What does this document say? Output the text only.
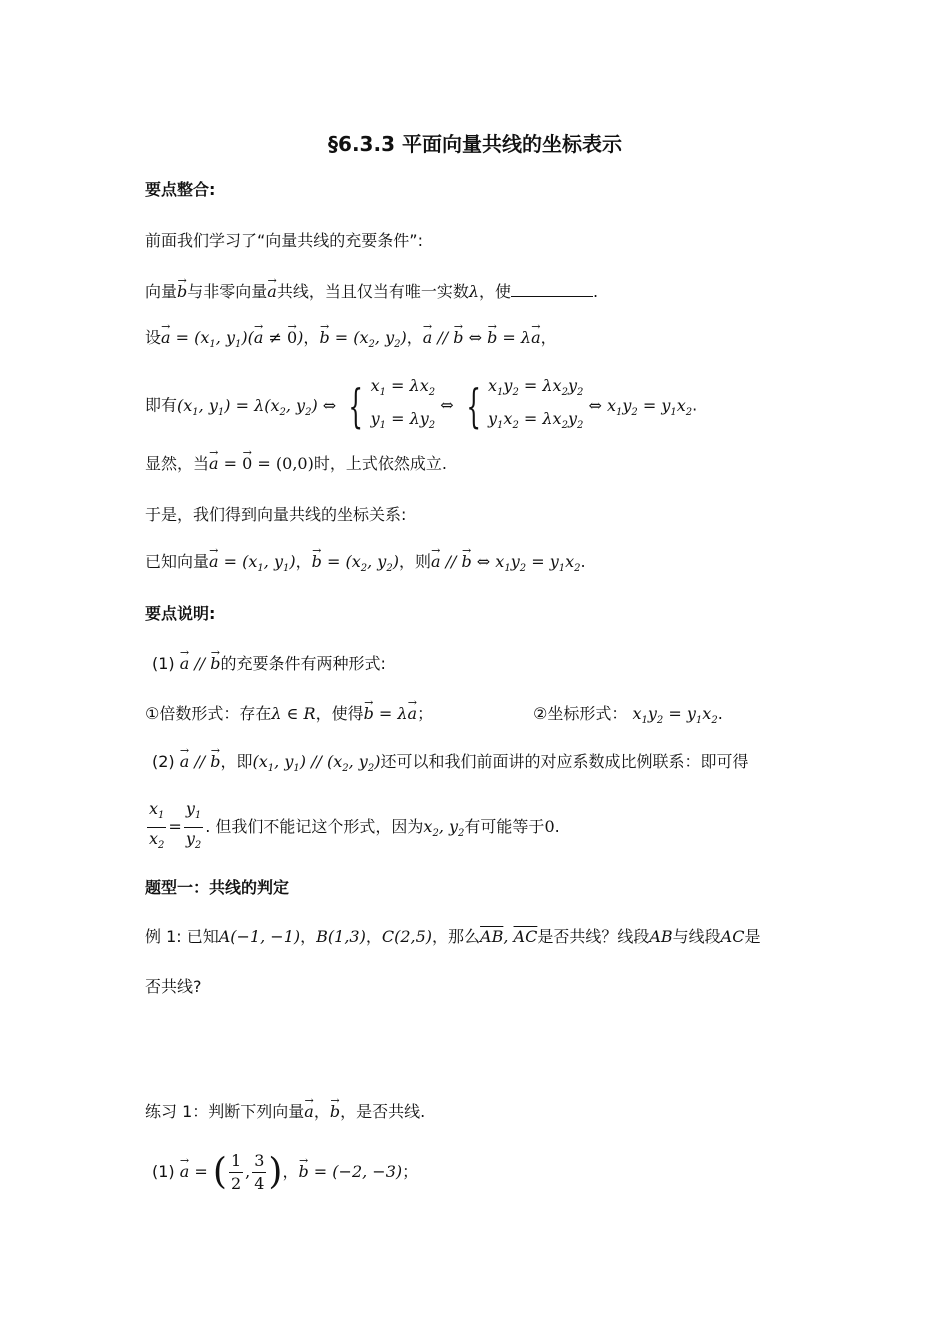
§6.3.3 平面向量共线的坐标表示
要点整合:
前面我们学习了“向量共线的充要条件”:
向量→ b与非零向量→ a共线，当且仅当有唯一实数λ，使	.
设→ $a = (x_1$, $y_1)(\to a$ ≠ → 0)，→ $b = (x_2$, $y_2$)，→ a // → b ⇔ → b = λ→ a，
即有($x_1$, $y_1) = \lambda(x_2$, $y_2$) ⇔ { $x_1 = \lambda x_2$
$y_1 = \lambda y_2$
⇔ { $x_1y_2 = \lambda x_2y_2$
$y_1x_2 = \lambda x_2y_2$
⇔ $x_1y_2 = y_1x_2$.
显然，当→ a = → 0 = (0,0)时，上式依然成立.
于是，我们得到向量共线的坐标关系:
已知向量→ $a = (x_1$, $y_1$)，→ $b = (x_2$, $y_2$)，则→ a // → b ⇔ $x_1y_2 = y_1x_2$.
要点说明:
(1) → a // → b的充要条件有两种形式:
①倍数形式：存在λ ∈ R，使得→ b = λ→ a；	②坐标形式： $x_1y_2 = y_1x_2$.
(2) → a // → b，即($x_1$, $y_1) // (x_2$, $y_2$)还可以和我们前面讲的对应系数成比例联系：即可得
$\frac{x_1}{x_2} = \frac{y_1}{y_2}$ . 但我们不能记这个形式，因为$x_2$, $y_2$有可能等于0.
题型一：共线的判定
例 1: 已知A(−1, −1)，B(1,3)，C(2,5)，那么$\overline{AB}$, $\overline{AC}$是否共线？线段AB与线段AC是
否共线?
练习 1：判断下列向量→ a，→ b，是否共线.
(1) → a = ( $\frac{1}{2}$ , $\frac{3}{4}$ )，→ b = (−2, −3)；
